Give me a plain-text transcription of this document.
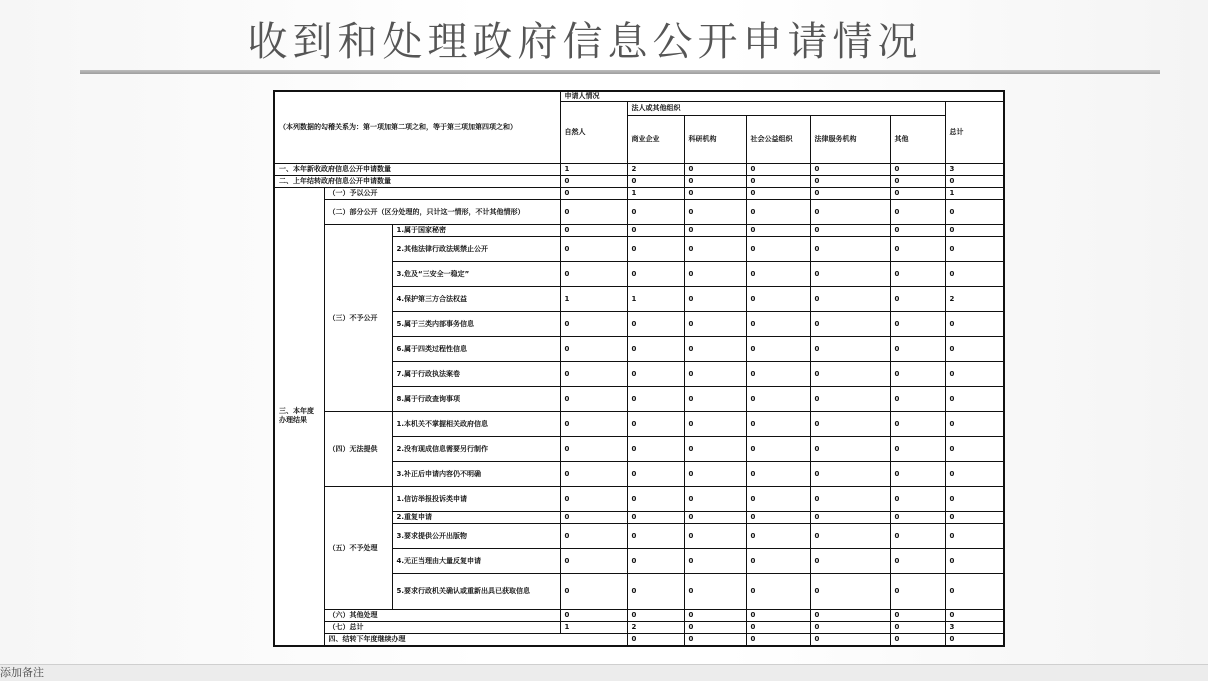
收到和处理政府信息公开申请情况
（本列数据的勾稽关系为：第一项加第二项之和，等于第三项加第四项之和）			申请人情况							
			自然人	法人或其他组织					总计	
				商业企业	科研机构	社会公益组织	法律服务机构	其他		
一、本年新收政府信息公开申请数量			1	2	0	0	0	0	3	
二、上年结转政府信息公开申请数量			0	0	0	0	0	0	0	
三、本年度办理结果	（一）予以公开		0	1	0	0	0	0	1	
	（二）部分公开（区分处理的，只计这一情形，不计其他情形）		0	0	0	0	0	0	0	
	（三）不予公开	1.属于国家秘密	0	0	0	0	0	0	0	
		2.其他法律行政法规禁止公开	0	0	0	0	0	0	0	
		3.危及“三安全一稳定”	0	0	0	0	0	0	0	
		4.保护第三方合法权益	1	1	0	0	0	0	2	
		5.属于三类内部事务信息	0	0	0	0	0	0	0	
		6.属于四类过程性信息	0	0	0	0	0	0	0	
		7.属于行政执法案卷	0	0	0	0	0	0	0	
		8.属于行政查询事项	0	0	0	0	0	0	0	
	（四）无法提供	1.本机关不掌握相关政府信息	0	0	0	0	0	0	0	
		2.没有现成信息需要另行制作	0	0	0	0	0	0	0	
		3.补正后申请内容仍不明确	0	0	0	0	0	0	0	
	（五）不予处理	1.信访举报投诉类申请	0	0	0	0	0	0	0	
		2.重复申请	0	0	0	0	0	0	0	
		3.要求提供公开出版物	0	0	0	0	0	0	0	
		4.无正当理由大量反复申请	0	0	0	0	0	0	0	
		5.要求行政机关确认或重新出具已获取信息	0	0	0	0	0	0	0	
	（六）其他处理		0	0	0	0	0	0	0	
	（七）总计		1	2	0	0	0	0	3	
	四、结转下年度继续办理			0	0	0	0	0	0	
添加备注
